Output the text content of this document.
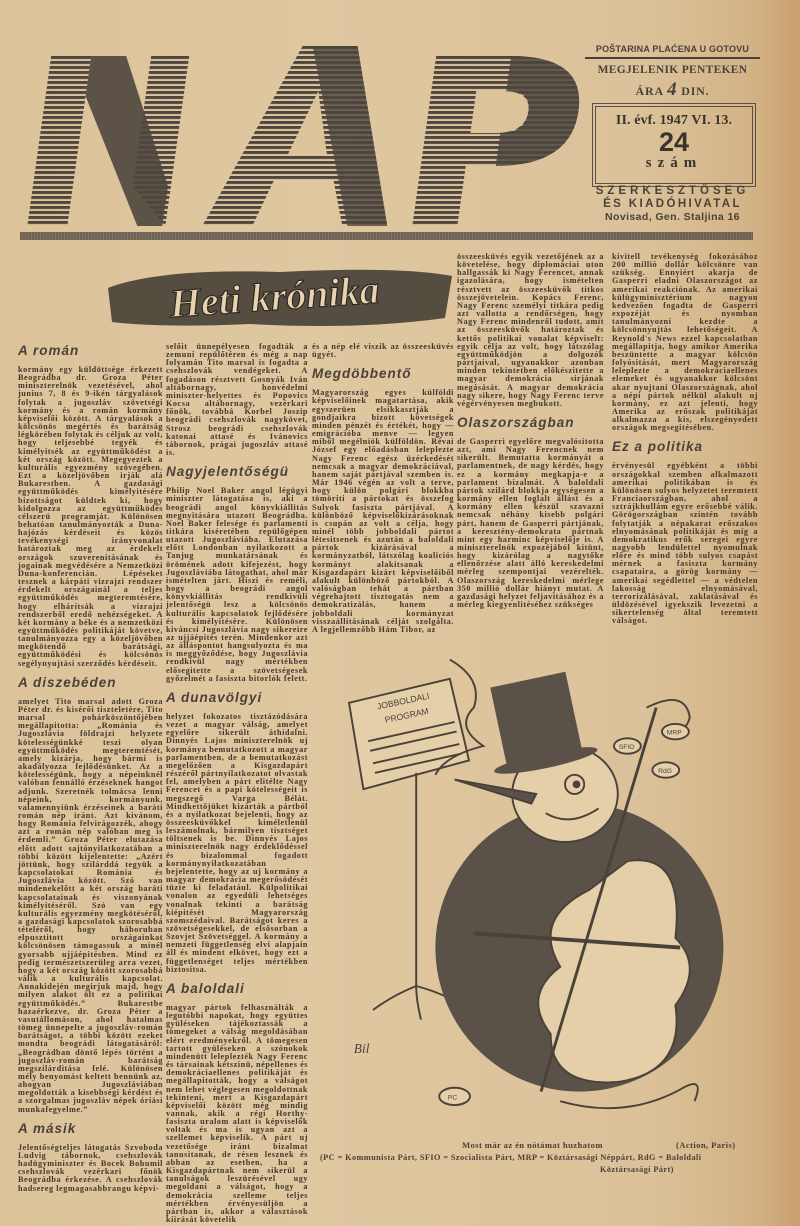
POŠTARINA PLAĆENA U GOTOVU
MEGJELENIK PENTEKEN
ÁRA 4 DIN.
II. évf. 1947 VI. 13.
24
szám
SZERKESZTŐSEG
ÉS KIADÓHIVATAL
Novisad, Gen. Staljina 16
Heti krónika
A román

kormány egy küldöttsége érkezett Beográdba dr. Groza Péter miniszterelnök vezetésével, ahol junius 7, 8 és 9-ikén tárgyalások folytak a jugoszláv szövetségi kormány és a román kormány képviselői között. A tárgyalások a kölcsönös megértés és barátság légkörében folytak és céljuk az volt, hogy teljesebbé tegyék és kimélyitsék az együttműködést a két ország között. Megegyeztek a kulturális egyezmény szövegében. Ezt a közeljövőben irják alá Bukarestben. A gazdasági együttműködés kimélyitésére bizottságot küldtek ki, hogy kidolgozza az együttműködés célszerü programját. Különösen behatóan tanulmányozták a Duna-hajózás kérdéseit és közös tevékenységi irányvonalat határoztak meg az érdekelt országok szuverenitásának és jogainak megvédésére a Nemzetközi Duna-konferencián. Lépéseket tesznek a kárpáti vizrajzi rendszer érdekelt országainál a teljes együttműködés megteremtésére, hogy elhárítsák a vizrajzi rendszerből eredő nehézségeket. A két kormány a béke és a nemzetközi együttműködés politikáját követve, tanulmányozza egy a közeljövőben megkötendő barátsági, együttműködési és kölcsönös segélynyujtási szerződés kérdéseit.

A diszebéden

amelyet Tito marsal adott Groza Péter dr. és kisérői tiszteletére, Tito marsal pohárköszöntőjében megállapitotta: „Románia és Jugoszlávia földrajzi helyzete kötelességünkké teszi olyan együttműködés megteremtését, amely kizárja, hogy bármi is akadályozza fejlődésünket. Az a kötelességünk, hogy a népeinknél valóban fennálló érzéseknek hangot adjunk. Szeretnék tolmácsa lenni népeink, kormányunk, valamennyiünk érzéseinek a baráti román nép iránt. Azt kivánom, hogy Románia felvirágozzék, ahogy azt a román nép valóban meg is érdemli.” Groza Péter elutazása előtt adott sajtónyilatkozatában a többi között kijelentette: „Azért jöttünk, hogy szilárddá tegyük a kapcsolatokat Románia és Jugoszlávia között. Szó van mindenekelőtt a két ország baráti kapcsolatainak és viszonyának kimélyitéséről. Szó van egy kulturális egyezmény megkötéséről, a gazdasági kapcsolatok szorosabbá tételéről, hogy háboruban elpusztitott országainkat kölcsönösen támogassuk a minél gyorsabb ujjáépitésben. Mind ez pedig természetszerüleg arra vezet, hogy a két ország között szorosabbá válik a kulturális kapcsolat. Annakidején megirjuk majd, hogy milyen alakot ölt ez a politikai együttműködés.” Bukarestbe hazaérkezve, dr. Groza Péter a vasutállomáson, ahol hatalmas tömeg ünnepelte a jugoszláv-román barátságot, a többi között ezeket mondta beográdi látogatásáról: „Beográdban döntő lépés történt a jugoszláv-román barátság megszilárditása felé. Különösen mély benyomást keltett bennünk az, ahogyan Jugoszláviában megoldották a kisebbségi kérdést és a szorgalmas jugoszláv népek óriási munkafegyelme.”

A másik

Jelentőségteljes látogatás Szvoboda Ludvig tábornok, csehszlovák hadügyminiszter és Bocek Bohumil csehszlovák vezérkari főnök Beográdba érkezése. A csehszlovák hadsereg legmagasabbrangu képvi-

selőit ünnepélyesen fogadták a zemuni repülőtéren és még a nap folyamán Tito marsal is fogadta a csehszlovák vendégeket. A fogadáson résztvett Gosnyák Iván altábornagy, honvédelmi miniszter-helyettes és Popovics Kocsa altábornagy, vezérkari főnök, továbbá Korbel Joszip beográdi csehszlovák nagykövet, Strosz beográdi csehszlovák katonai attasé és Ivánovics tábornok, prágai jugoszláv attasé is.

Nagyjelentőségü

Philip Noel Baker angol légügyi miniszter látogatása is, aki a beográdi angol könyvkiállitás megnyitására utazott Beográdba. Noel Baker felesége és parlamenti titkára kiséretében repülőgépen utazott Jugoszláviába. Elutazása előtt Londonban nyilatkozott a Tanjug munkatársának és örömének adott kifejezést, hogy Jugoszláviába látogathat, ahol már ismételten járt. Hiszi és reméli, hogy a beográdi angol könyvkiállitás rendkivüli jelentőségü lesz a kölcsönös kulturális kapcsolatok fejlődésére és kimélyitésére. Különösen kiváncsi Jugoszlávia nagy sikereire az ujjáépités terén. Mindenkor azt az álláspontot hangsulyozta és ma is meggyőződése, hogy Jugoszlávia rendkivül nagy mértékben elősegitette a szövetségesek győzelmét a fasiszta bitorlók felett.

A dunavölgyi

helyzet fokozatos tisztázódására vezet a magyar válság, amelyet egyelőre sikerült áthidalni. Dinnyés Lajos miniszterelnök uj kormánya bemutatkozott a magyar parlamentben, de a bemutatkozást megelőzően a Kisgazdapárt részéről pártnyilatkozatot olvastak fel, amelyben a párt elitélte Nagy Ferencet és a papi kötelességeit is megszegő Varga Bélát. Mindkettőjüket kizárták a pártból és a nyilatkozat bejelenti, hogy az összeesküvőkkel kiméletlenül leszámolnak, bármilyen tisztséget töltsenek is be. Dinnyés Lajos miniszterelnök nagy érdeklődéssel és bizalommal fogadott kormánynyilatkozatában bejelentette, hogy az uj kormány a magyar demokrácia megerősödését tüzte ki feladatául. Külpolitikai vonalon az egyedüli lehetséges vonalnak tekinti a barátság kiépitését Magyarország szomszédaival. Barátságot keres a szövetségesekkel, de elsősorban a Szovjet Szövetséggel. A kormány a nemzeti függetlenség elvi alapjain áll és mindent elkövet, hogy ezt a függetlenséget teljes mértékben biztositsa.

A baloldali

magyar pártok felhasználták a legutóbbi napokat, hogy együttes gyüléseken tájékoztassák a tömegeket a válság megoldásában elért eredményekről. A tömegesen tartott gyüléseken a szónokok mindenütt leleplezték Nagy Ferenc és társainak kétszinü, népellenes és demokráciaellenes politikáját és megállapitották, hogy a válságot nem lehet véglegesen megoldottnak tekinteni, mert a Kisgazdapárt képviselői között még mindig vannak, akik a régi Horthy-fasiszta uralom alatt is képviselők voltak és ma is ugyan azt a szellemet képviselik. A párt uj vezetősége iránt bizalmat tanusitanak, de résen lesznek és abban az esetben, ha a Kisgazdapártnak nem sikerül a tanulságok leszürésével ugy megoldani a válságot, hogy a demokrácia szelleme teljes mértékben érvényesüljön a pártban is, akkor a választások kiirását követelik

és a nép elé viszik az összeesküvés ügyét.

Megdöbbentő

Magyarország egyes külföldi képviselőinek magatartása, akik egyszerüen elsikkasztják a gondjaikra bizott követségek minden pénzét és értékét, hogy — emigrációba menve — legyen miből megélniök külföldön. Révai József egy előadásban leleplezte Nagy Ferenc egész üzérkedését nemcsak a magyar demokráciával, hanem saját pártjával szemben is. Már 1946 végén az volt a terve, hogy külön polgári blokkba tömöriti a pártokat és összefog Sulyok fasiszta pártjával. A különböző képviselőkizárásoknak is csupán az volt a célja, hogy minél több jobboldali pártot létesitsenek és azután a baloldali pártok kizárásával a kormányzatból, látszólag koaliciós kormányt alakitsanak a Kisgazdapárt kizárt képviselőiből alakult különböző pártokból. A valóságban tehát a pártban végrehajtott tisztogatás nem a demokratizálás, hanem a jobboldali kormányzat visszaállitásának célját szolgálta. A legjellemzőbb Hám Tibor, az

összeesküvés egyik vezetőjének az a követelése, hogy diplomáciai uton hallgassák ki Nagy Ferencet, annak igazolására, hogy ismételten résztvett az összeesküvők titkos összejövetelein. Kopács Ferenc, Nagy Ferenc személyi titkára pedig azt vallotta a rendőrségen, hogy Nagy Ferenc mindenről tudott, amit az összeesküvők határoztak és kettős politikai vonalat képviselt: egyik célja az volt, hogy látszólag együttműködjön a dolgozók pártjaival, ugyanakkor azonban minden tekintetben előkészitette a magyar demokrácia sirjának megásását. A magyar demokrácia nagy sikere, hogy Nagy Ferenc terve végérvényesen megbukott.

Olaszországban

de Gasperri egyelőre megvalósitotta azt, ami Nagy Ferencnek nem sikerült. Bemutatta kormányát a parlamentnek, de nagy kérdés, hogy ez a kormány megkapja-e a parlament bizalmát. A baloldali pártok szilárd blokkja egységesen a kormány ellen foglalt állást és a kormány ellen készül szavazni nemcsak néhány kisebb polgári párt, hanem de Gasperri pártjának, a keresztény-demokrata pártnak mint egy harminc képviselője is. A miniszterelnök expozéjából kitünt, hogy kizárólag a nagytőke ellenőrzése alatt álló kereskedelmi mérleg szempontjai vezérelték. Olaszország kereskedelmi mérlege 350 millió dollár hiányt mutat. A gazdasági helyzet feljavitásához és a mérleg kiegyenlitéséhez szükséges

kivitell tevékenység fokozásához 200 millió dollár kölcsönre van szükség. Ennyiért akarja de Gasperri eladni Olaszországot az amerikai reakciónak. Az amerikai külügyminisztérium nagyon kedvezően fogadta de Gasperri expozéját és nyomban tanulmányozni kezdte a kölcsönnyujtás lehetőségeit. A Reynold's News ezzel kapcsolatban megállapitja, hogy amikor Amerika beszüntette a magyar kölcsön folyósitását, mert Magyarország leleplezte a demokráciaellenes elemeket és ugyanakkor kölcsönt akar nyujtani Olaszországnak, ahol a népi pártok nélkül alakult uj kormány, ez azt jelenti, hogy Amerika az erőszak politikáját alkalmazza a kis, elszegényedett országok megsegitésében.

Ez a politika

érvényesül egyébként a többi országokkal szemben alkalmazott amerikai politikában is és különösen sulyos helyzetet teremtett Franciaországban, ahol a sztrájkhullám egyre erősebbé válik. Görögországban szintén tovább folytatják a népakarat erőszakos elnyomásának politikáját és míg a demokratikus erők seregei egyre nagyobb lendülettel nyomulnak előre és mind több sulyos csapást mérnek a fasiszta kormány csapataira, a görög kormány — amerikai segédlettel — a védtelen lakosság elnyomásával, terrorizálásával, zaklatásával és üldözésével igyekszik levezetni a sikertelenség által teremtett válságot.

JOBBOLDALI
PROGRAM
SFIO
MRP
RdG
PC
Bil
Most már az én nótámat huzhatom	(Action, Paris)
(PC = Kommunista Párt, SFIO = Szocialista Párt, MRP = Köztársasági Néppárt, RdG = Baloldali
Köztársasági Párt)
